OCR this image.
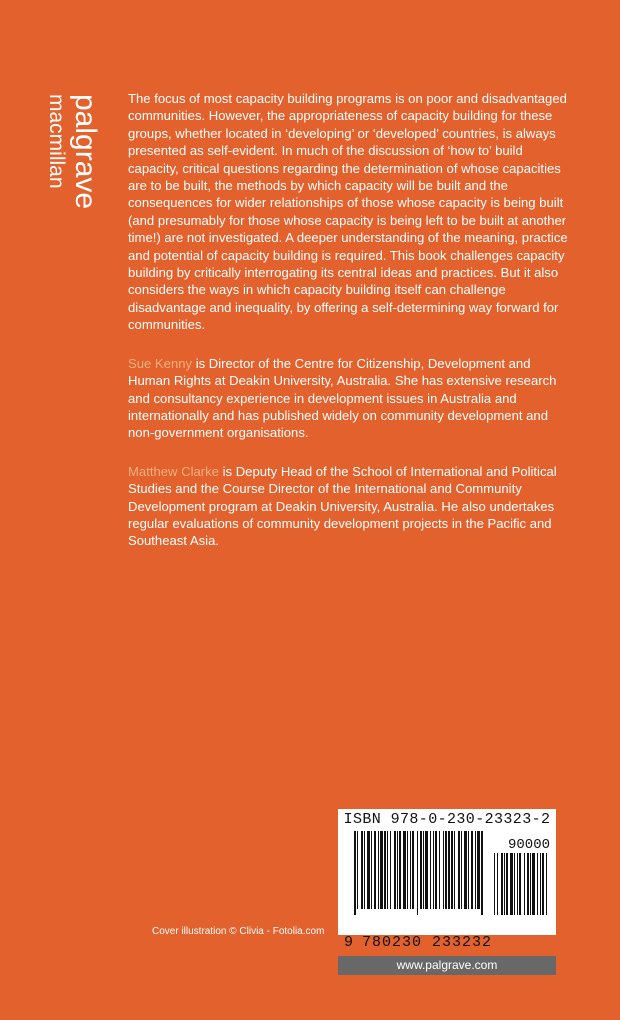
palgrave
macmillan	The focus of most capacity building programs is on poor and disadvantaged communities. However, the appropriateness of capacity building for these groups, whether located in ‘developing’ or ‘developed’ countries, is always presented as self-evident. In much of the discussion of ‘how to’ build capacity, critical questions regarding the determination of whose capacities are to be built, the methods by which capacity will be built and the consequences for wider relationships of those whose capacity is being built (and presumably for those whose capacity is being left to be built at another time!) are not investigated. A deeper understanding of the meaning, practice and potential of capacity building is required. This book challenges capacity building by critically interrogating its central ideas and practices. But it also considers the ways in which capacity building itself can challenge disadvantage and inequality, by offering a self-determining way forward for communities.

Sue Kenny is Director of the Centre for Citizenship, Development and Human Rights at Deakin University, Australia. She has extensive research and consultancy experience in development issues in Australia and internationally and has published widely on community development and non-government organisations.

Matthew Clarke is Deputy Head of the School of International and Political Studies and the Course Director of the International and Community Development program at Deakin University, Australia. He also undertakes regular evaluations of community development projects in the Pacific and Southeast Asia.

ISBN 978-0-230-23323-2
90000
9 780230 233232
Cover illustration © Clivia - Fotolia.com
www.palgrave.com
